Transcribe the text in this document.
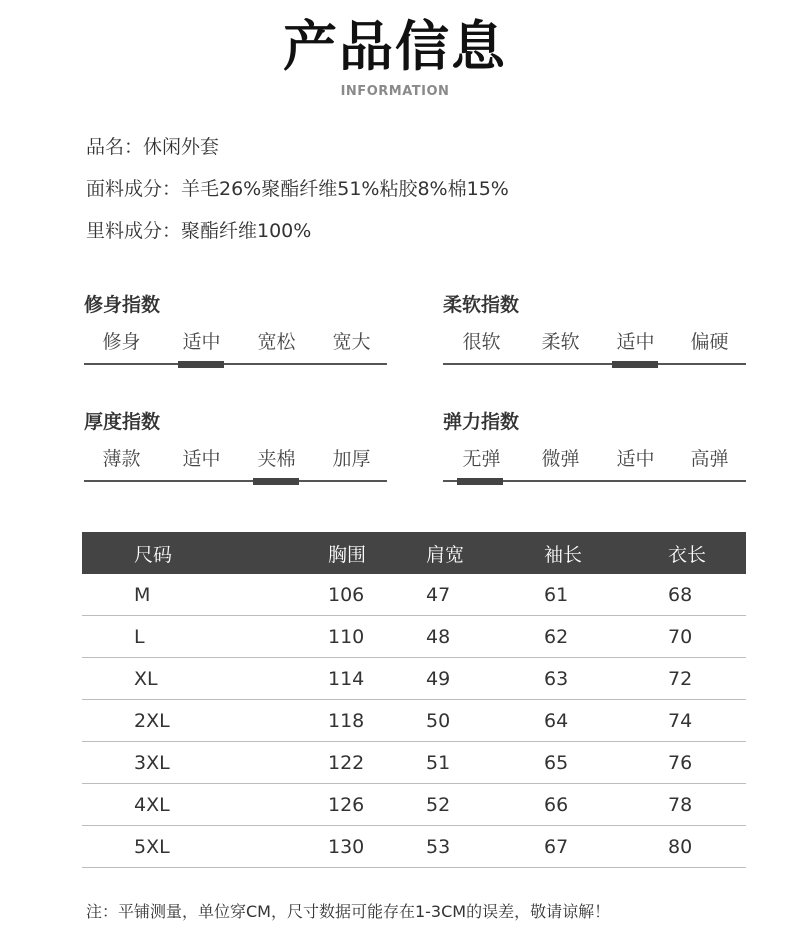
产品信息
INFORMATION
品名：休闲外套
面料成分：羊毛26%聚酯纤维51%粘胶8%棉15%
里料成分：聚酯纤维100%
修身指数
修身	适中	宽松	宽大
柔软指数
很软	柔软	适中	偏硬
厚度指数
薄款	适中	夹棉	加厚
弹力指数
无弹	微弹	适中	高弹
尺码	胸围	肩宽	袖长	衣长
M	106	47	61	68
L	110	48	62	70
XL	114	49	63	72
2XL	118	50	64	74
3XL	122	51	65	76
4XL	126	52	66	78
5XL	130	53	67	80
注：平铺测量，单位穿CM，尺寸数据可能存在1-3CM的误差，敬请谅解！
